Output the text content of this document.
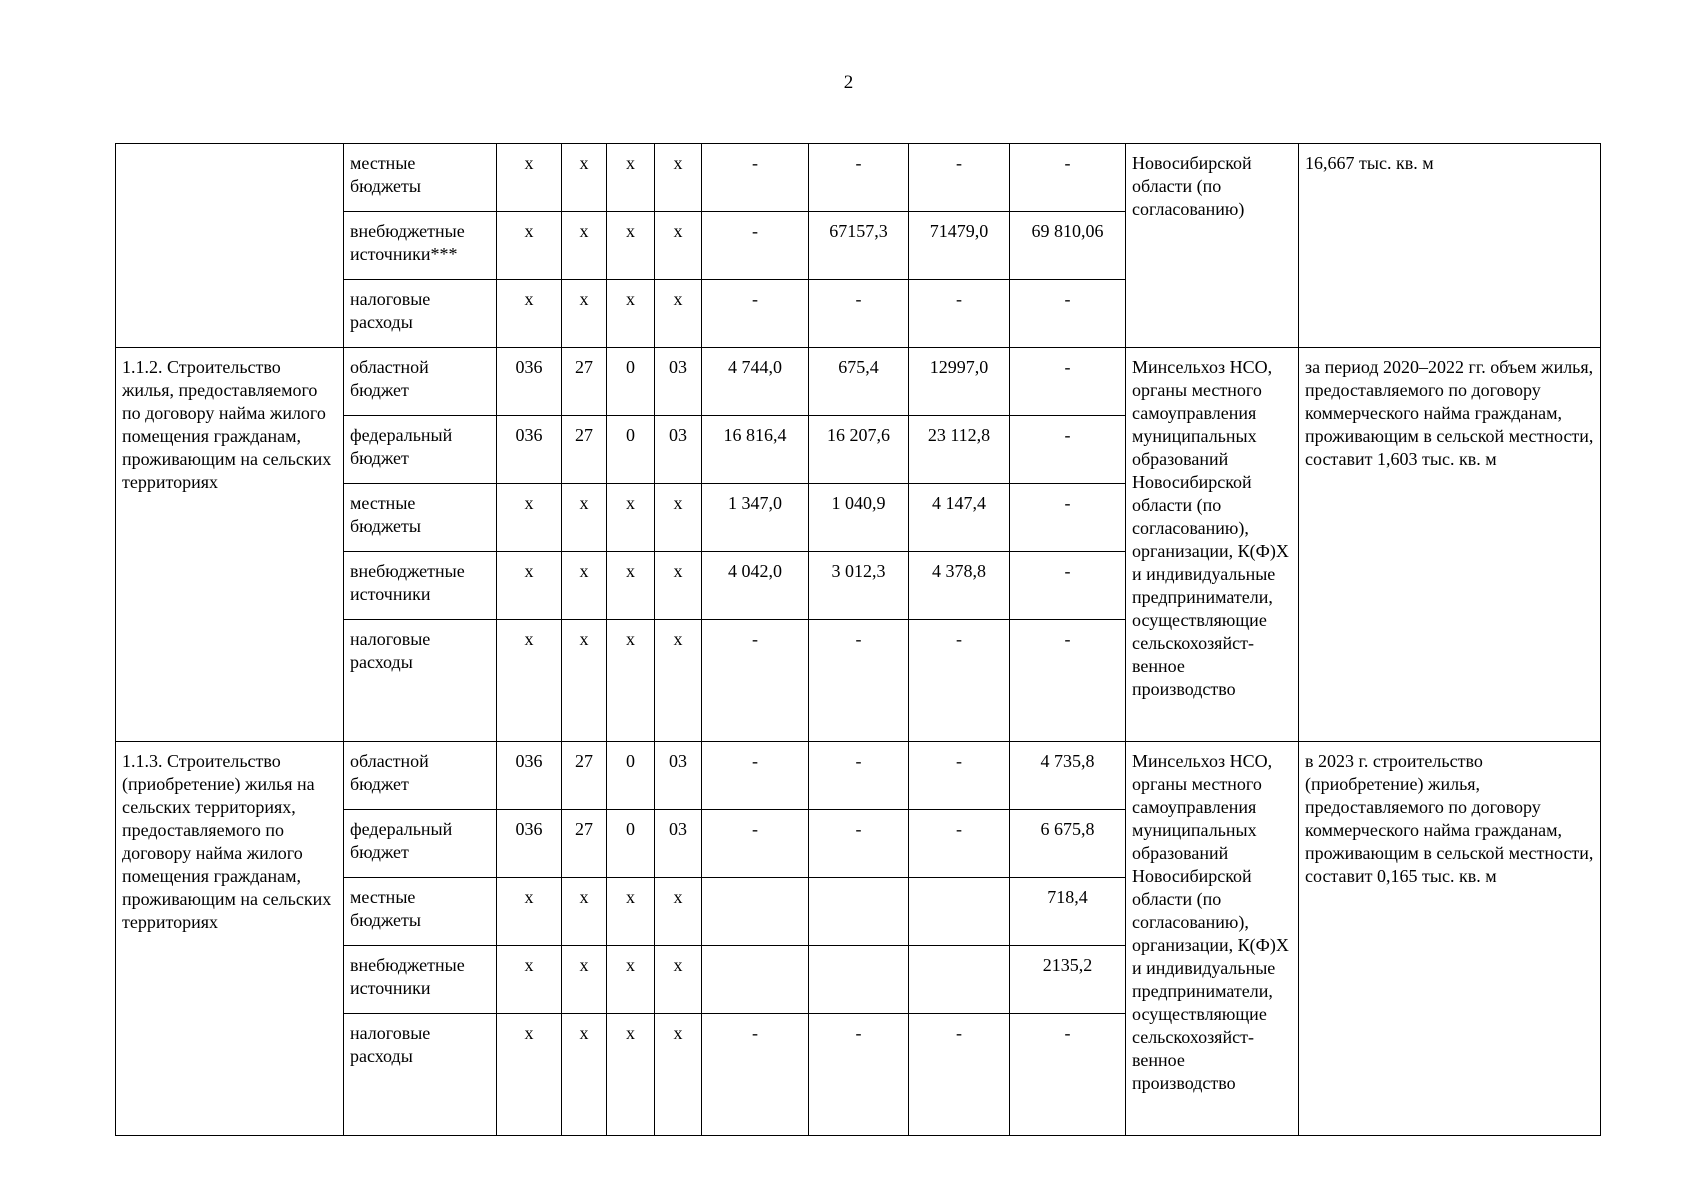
2
	местные бюджеты	х	х	х	х	-	-	-	-	Новосибирской области (по согласованию)	16,667 тыс. кв. м
	внебюджетные источники***	х	х	х	х	-	67157,3	71479,0	69 810,06		
	налоговые расходы	х	х	х	х	-	-	-	-		
1.1.2. Строительство жилья, предоставляемого по договору найма жилого помещения гражданам, проживающим на сельских территориях	областной бюджет	036	27	0	03	4 744,0	675,4	12997,0	-	Минсельхоз НСО, органы местного самоуправления муниципальных образований Новосибирской области (по согласованию), организации, К(Ф)Х и индивидуальные предприниматели, осуществляющие сельскохозяйст-венное производство	за период 2020–2022 гг. объем жилья, предоставляемого по договору коммерческого найма гражданам, проживающим в сельской местности, составит 1,603 тыс. кв. м
	федеральный бюджет	036	27	0	03	16 816,4	16 207,6	23 112,8	-		
	местные бюджеты	х	х	х	х	1 347,0	1 040,9	4 147,4	-		
	внебюджетные источники	х	х	х	х	4 042,0	3 012,3	4 378,8	-		
	налоговые расходы	х	х	х	х	-	-	-	-		
1.1.3. Строительство (приобретение) жилья на сельских территориях, предоставляемого по договору найма жилого помещения гражданам, проживающим на сельских территориях	областной бюджет	036	27	0	03	-	-	-	4 735,8	Минсельхоз НСО, органы местного самоуправления муниципальных образований Новосибирской области (по согласованию), организации, К(Ф)Х и индивидуальные предприниматели, осуществляющие сельскохозяйст-венное производство	в 2023 г. строительство (приобретение) жилья, предоставляемого по договору коммерческого найма гражданам, проживающим в сельской местности, составит 0,165 тыс. кв. м
	федеральный бюджет	036	27	0	03	-	-	-	6 675,8		
	местные бюджеты	х	х	х	х				718,4		
	внебюджетные источники	х	х	х	х				2135,2		
	налоговые расходы	х	х	х	х	-	-	-	-		
